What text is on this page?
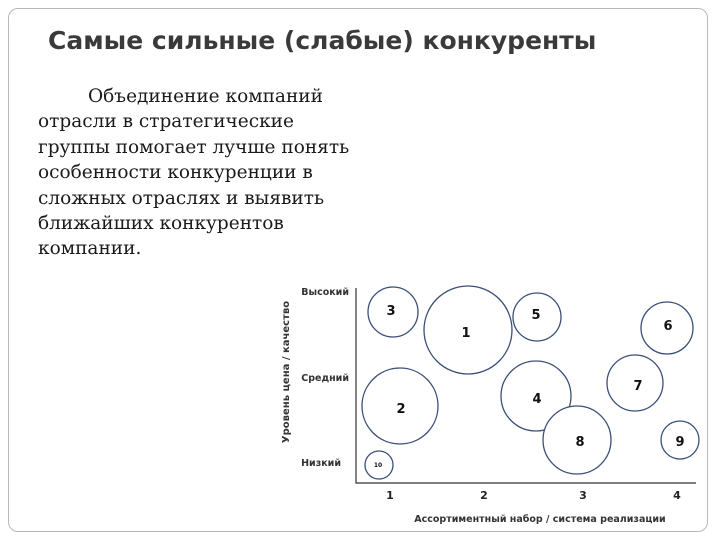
Самые сильные (слабые) конкуренты

Объединение компаний отрасли в стратегические группы помогает лучше понять особенности конкуренции в сложных отраслях и выявить ближайших конкурентов компании.

Уровень цена / качество
Высокий
Средний
Низкий
1	2	3	4
Ассортиментный набор / система реализации
1
2
3
4
5
6
7
8	9
10
